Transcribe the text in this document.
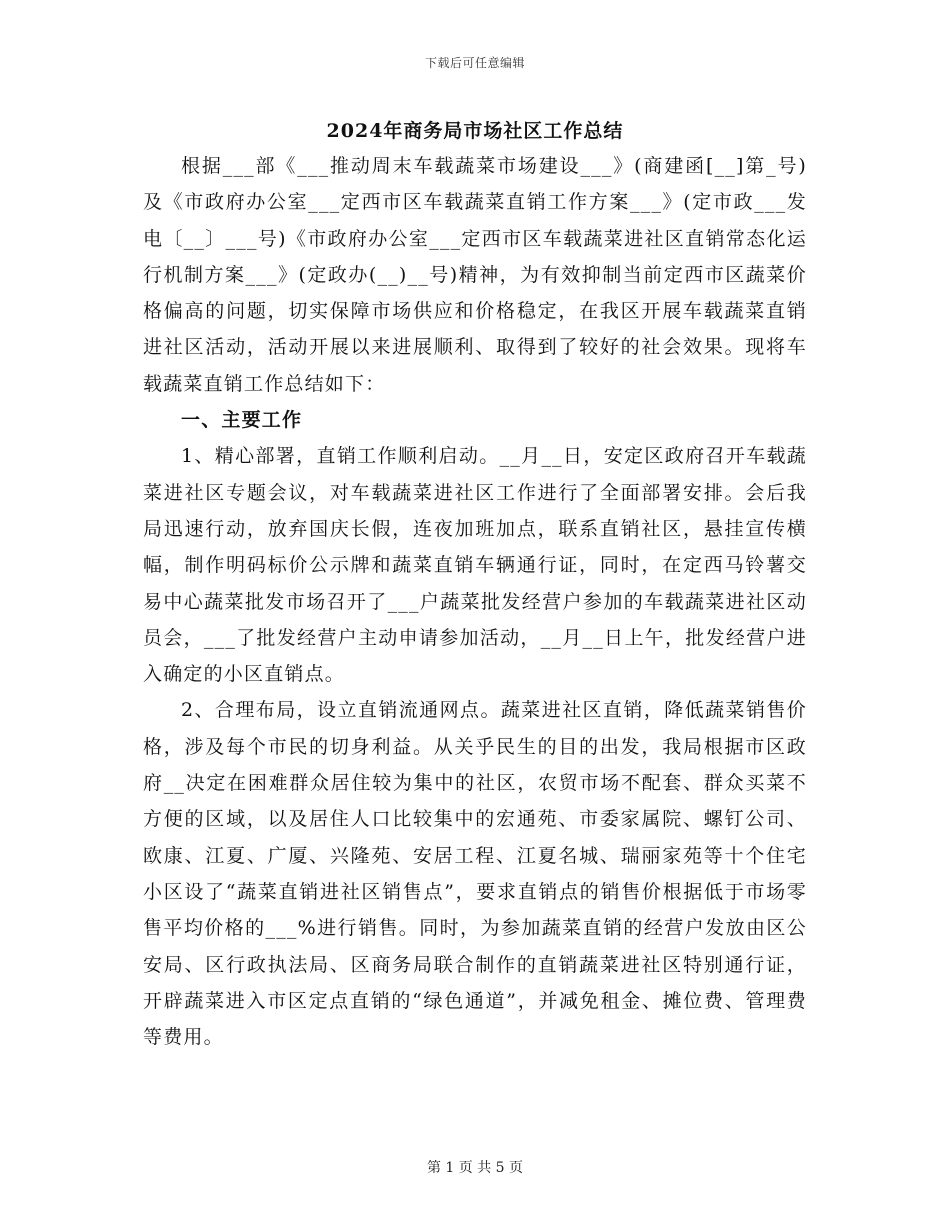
下载后可任意编辑
2024年商务局市场社区工作总结

根据___部《___推动周末车载蔬菜市场建设___》(商建函[__]第_号)及《市政府办公室___定西市区车载蔬菜直销工作方案___》(定市政___发电〔__〕___号)《市政府办公室___定西市区车载蔬菜进社区直销常态化运行机制方案___》(定政办(__)__号)精神，为有效抑制当前定西市区蔬菜价格偏高的问题，切实保障市场供应和价格稳定，在我区开展车载蔬菜直销进社区活动，活动开展以来进展顺利、取得到了较好的社会效果。现将车载蔬菜直销工作总结如下：

一、主要工作

1、精心部署，直销工作顺利启动。__月__日，安定区政府召开车载蔬菜进社区专题会议，对车载蔬菜进社区工作进行了全面部署安排。会后我局迅速行动，放弃国庆长假，连夜加班加点，联系直销社区，悬挂宣传横幅，制作明码标价公示牌和蔬菜直销车辆通行证，同时，在定西马铃薯交易中心蔬菜批发市场召开了___户蔬菜批发经营户参加的车载蔬菜进社区动员会，___了批发经营户主动申请参加活动，__月__日上午，批发经营户进入确定的小区直销点。

2、合理布局，设立直销流通网点。蔬菜进社区直销，降低蔬菜销售价格，涉及每个市民的切身利益。从关乎民生的目的出发，我局根据市区政府__决定在困难群众居住较为集中的社区，农贸市场不配套、群众买菜不方便的区域，以及居住人口比较集中的宏通苑、市委家属院、螺钉公司、欧康、江夏、广厦、兴隆苑、安居工程、江夏名城、瑞丽家苑等十个住宅小区设了“蔬菜直销进社区销售点”，要求直销点的销售价根据低于市场零售平均价格的___%进行销售。同时，为参加蔬菜直销的经营户发放由区公安局、区行政执法局、区商务局联合制作的直销蔬菜进社区特别通行证，开辟蔬菜进入市区定点直销的“绿色通道”，并减免租金、摊位费、管理费等费用。

第 1 页 共 5 页
